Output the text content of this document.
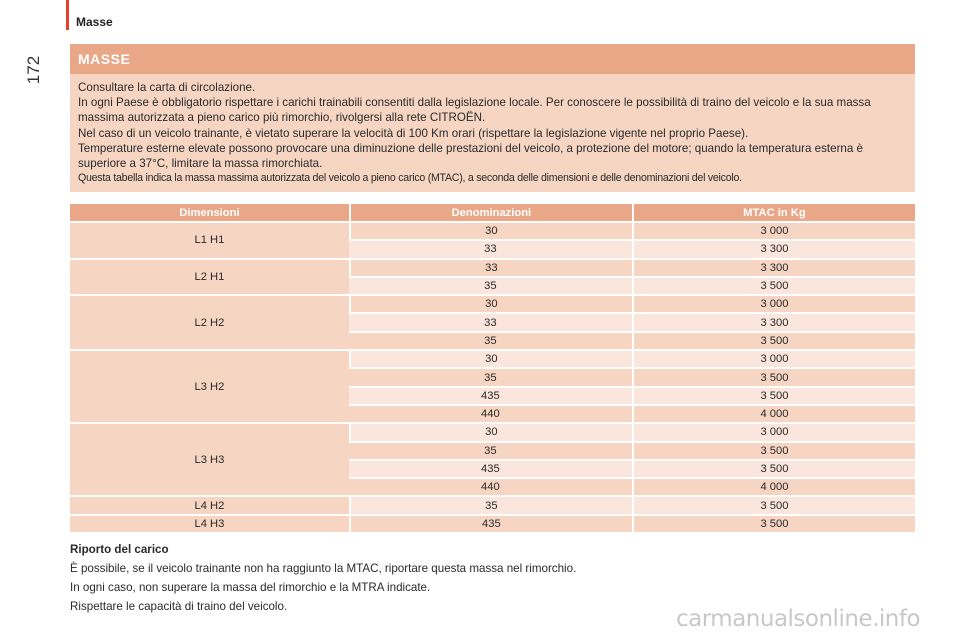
172
Masse
MASSE

Consultare la carta di circolazione.

In ogni Paese è obbligatorio rispettare i carichi trainabili consentiti dalla legislazione locale. Per conoscere le possibilità di traino del veicolo e la sua massa massima autorizzata a pieno carico più rimorchio, rivolgersi alla rete CITROËN.

Nel caso di un veicolo trainante, è vietato superare la velocità di 100 Km orari (rispettare la legislazione vigente nel proprio Paese).

Temperature esterne elevate possono provocare una diminuzione delle prestazioni del veicolo, a protezione del motore; quando la temperatura esterna è superiore a 37°C, limitare la massa rimorchiata.

Questa tabella indica la massa massima autorizzata del veicolo a pieno carico (MTAC), a seconda delle dimensioni e delle denominazioni del veicolo.

Dimensioni	Denominazioni	MTAC in Kg
L1 H1	30	3 000
	33	3 300
L2 H1	33	3 300
	35	3 500
L2 H2	30	3 000
	33	3 300
	35	3 500
L3 H2	30	3 000
	35	3 500
	435	3 500
	440	4 000
L3 H3	30	3 000
	35	3 500
	435	3 500
	440	4 000
L4 H2	35	3 500
L4 H3	435	3 500

Riporto del carico

È possibile, se il veicolo trainante non ha raggiunto la MTAC, riportare questa massa nel rimorchio.

In ogni caso, non superare la massa del rimorchio e la MTRA indicate.

Rispettare le capacità di traino del veicolo.	carmanualsonline.info
